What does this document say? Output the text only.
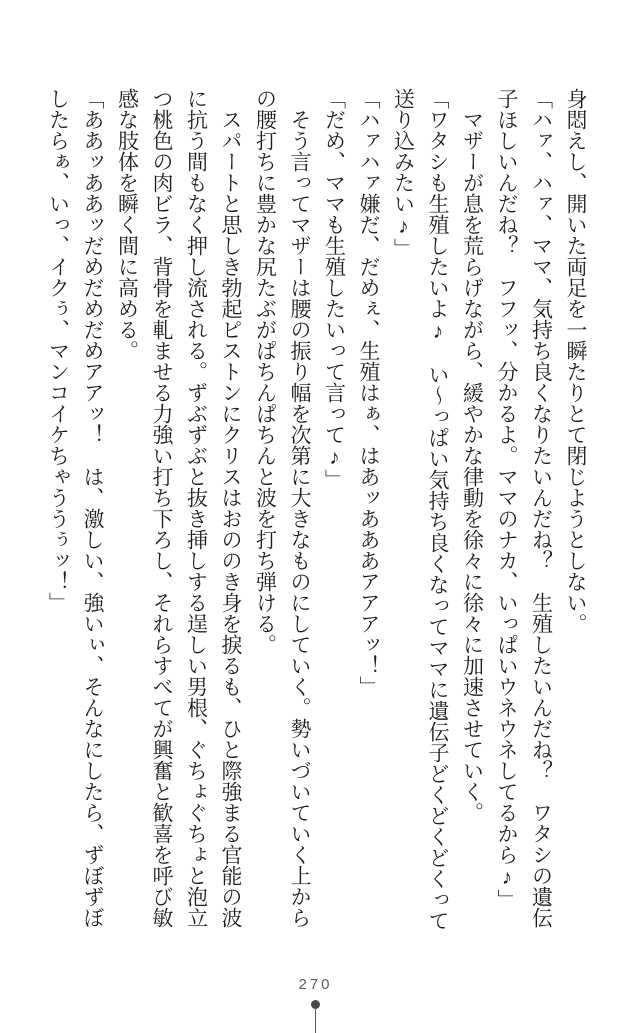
身悶えし、開いた両足を一瞬たりとて閉じようとしない。

「ハァ、ハァ、ママ、気持ち良くなりたいんだね？　生殖したいんだね？　ワタシの遺伝

子ほしいんだね？　フフッ、分かるよ。ママのナカ、いっぱいウネウネしてるから♪」

マザーが息を荒らげながら、緩やかな律動を徐々に徐々に加速させていく。

「ワタシも生殖したいよ♪　い～っぱい気持ち良くなってママに遺伝子どくどくどくって

送り込みたい♪」

「ハァハァ嫌だ、だめぇ、生殖はぁ、はあッあああアアアッ！」

「だめ、ママも生殖したいって言って♪」

そう言ってマザーは腰の振り幅を次第に大きなものにしていく。勢いづいていく上から

の腰打ちに豊かな尻たぶがぱちんぱちんと波を打ち弾ける。

スパートと思しき勃起ピストンにクリスはおののき身を捩るも、ひと際強まる官能の波

に抗う間もなく押し流される。ずぶずぶと抜き挿しする逞しい男根、ぐちょぐちょと泡立

つ桃色の肉ビラ、背骨を軋ませる力強い打ち下ろし、それらすべてが興奮と歓喜を呼び敏

感な肢体を瞬く間に高める。

「ああッああッだめだめだめアアッ！　は、激しい、強いぃ、そんなにしたら、ずぼずぼ

したらぁ、いっ、イクぅ、マンコイケちゃううぅッ！」

270
